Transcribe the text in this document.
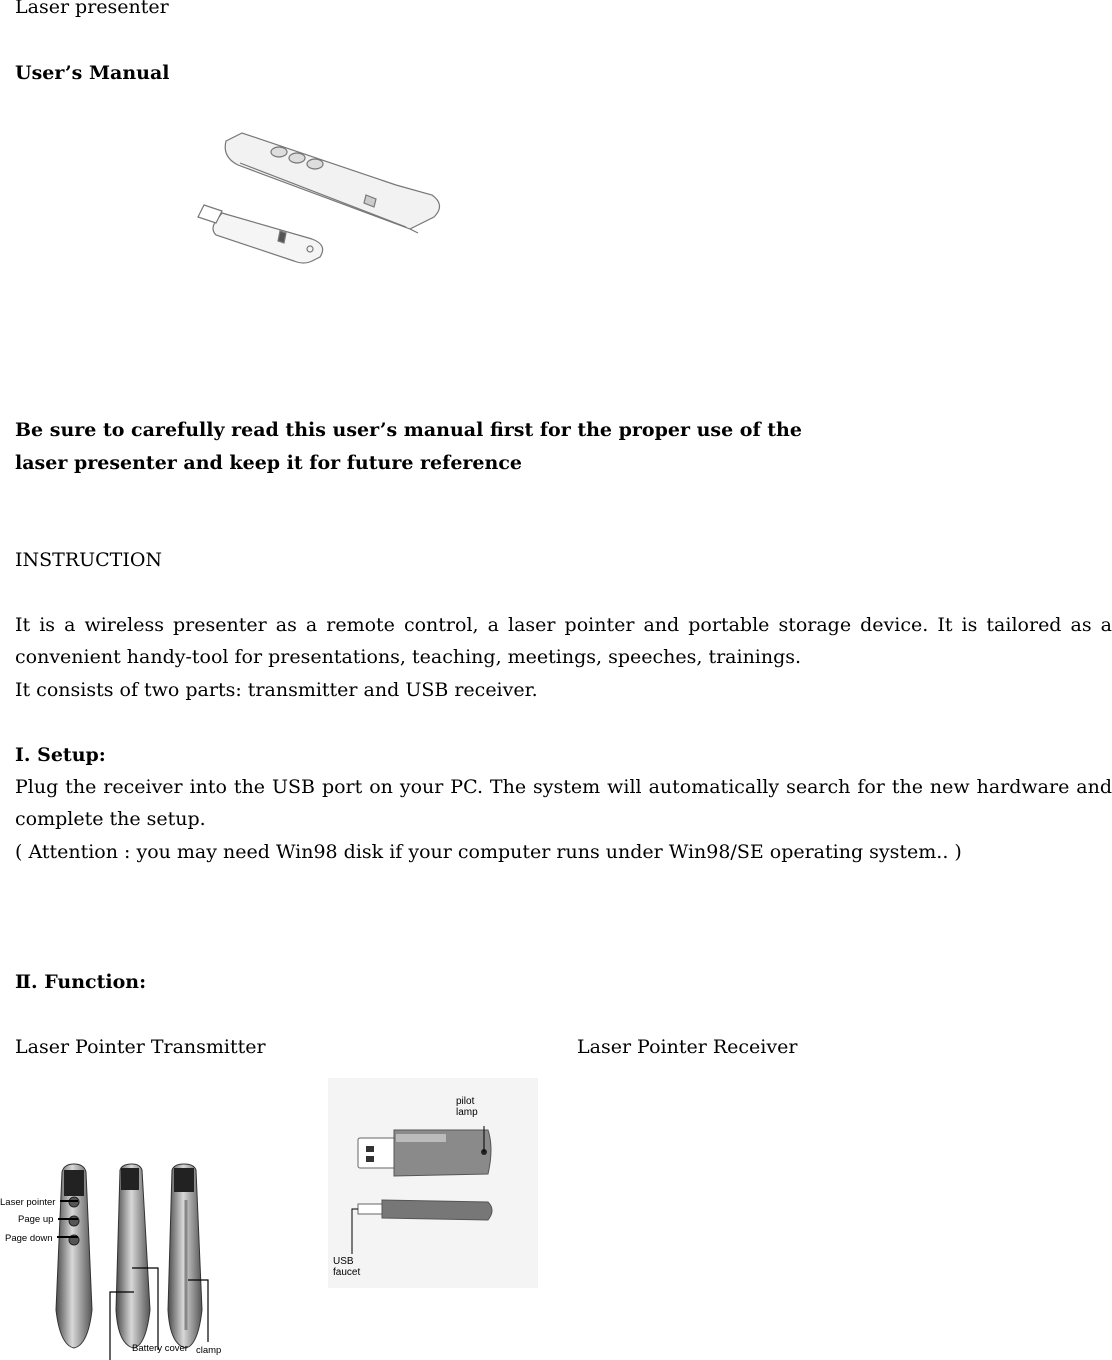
Laser presenter

User’s Manual

Be sure to carefully read this user’s manual first for the proper use of the

laser presenter and keep it for future reference

INSTRUCTION

It is a wireless presenter as a remote control, a laser pointer and portable storage device. It is tailored as a convenient handy-tool for presentations, teaching, meetings, speeches, trainings.

It consists of two parts: transmitter and USB receiver.

Ⅰ. Setup:

Plug the receiver into the USB port on your PC. The system will automatically search for the new hardware and complete the setup.

( Attention : you may need Win98 disk if your computer runs under Win98/SE operating system.. )

Ⅱ. Function:

Laser Pointer Transmitter	Laser Pointer Receiver

Laser pointer
Page up
Page down
Battery cover clamp
pilot
lamp
USB
faucet
